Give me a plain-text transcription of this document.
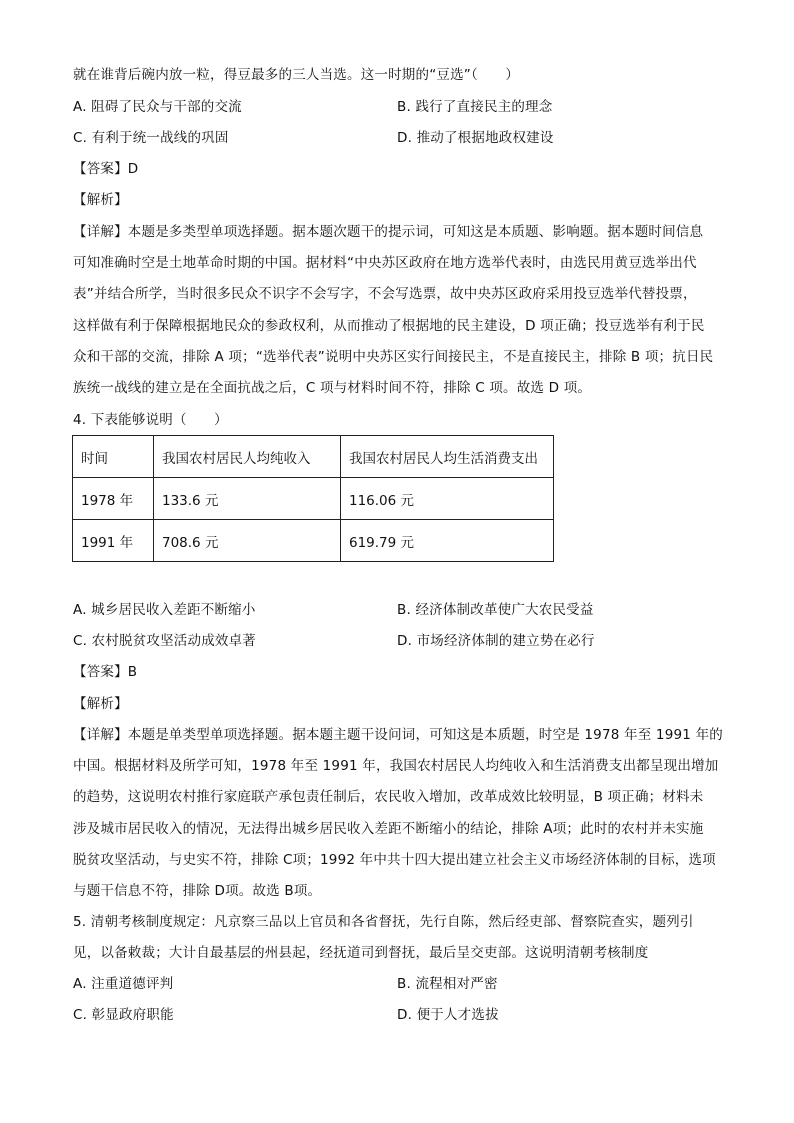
就在谁背后碗内放一粒，得豆最多的三人当选。这一时期的“豆选”（　　）
A. 阻碍了民众与干部的交流	B. 践行了直接民主的理念
C. 有利于统一战线的巩固	D. 推动了根据地政权建设
【答案】D
【解析】
【详解】本题是多类型单项选择题。据本题次题干的提示词，可知这是本质题、影响题。据本题时间信息
可知准确时空是土地革命时期的中国。据材料“中央苏区政府在地方选举代表时，由选民用黄豆选举出代
表”并结合所学，当时很多民众不识字不会写字，不会写选票，故中央苏区政府采用投豆选举代替投票，
这样做有利于保障根据地民众的参政权利，从而推动了根据地的民主建设，D 项正确；投豆选举有利于民
众和干部的交流，排除 A 项；“选举代表”说明中央苏区实行间接民主，不是直接民主，排除 B 项；抗日民
族统一战线的建立是在全面抗战之后，C 项与材料时间不符，排除 C 项。故选 D 项。
4. 下表能够说明（　　）
时间	我国农村居民人均纯收入	我国农村居民人均生活消费支出
1978 年	133.6 元	116.06 元
1991 年	708.6 元	619.79 元
A. 城乡居民收入差距不断缩小	B. 经济体制改革使广大农民受益
C. 农村脱贫攻坚活动成效卓著	D. 市场经济体制的建立势在必行
【答案】B
【解析】
【详解】本题是单类型单项选择题。据本题主题干设问词，可知这是本质题，时空是 1978 年至 1991 年的
中国。根据材料及所学可知，1978 年至 1991 年，我国农村居民人均纯收入和生活消费支出都呈现出增加
的趋势，这说明农村推行家庭联产承包责任制后，农民收入增加，改革成效比较明显，B 项正确；材料未
涉及城市居民收入的情况，无法得出城乡居民收入差距不断缩小的结论，排除 A项；此时的农村并未实施
脱贫攻坚活动，与史实不符，排除 C项；1992 年中共十四大提出建立社会主义市场经济体制的目标，选项
与题干信息不符，排除 D项。故选 B项。
5. 清朝考核制度规定：凡京察三品以上官员和各省督抚，先行自陈，然后经吏部、督察院查实，题列引
见，以备敕裁；大计自最基层的州县起，经抚道司到督抚，最后呈交吏部。这说明清朝考核制度
A. 注重道德评判	B. 流程相对严密
C. 彰显政府职能	D. 便于人才选拔
